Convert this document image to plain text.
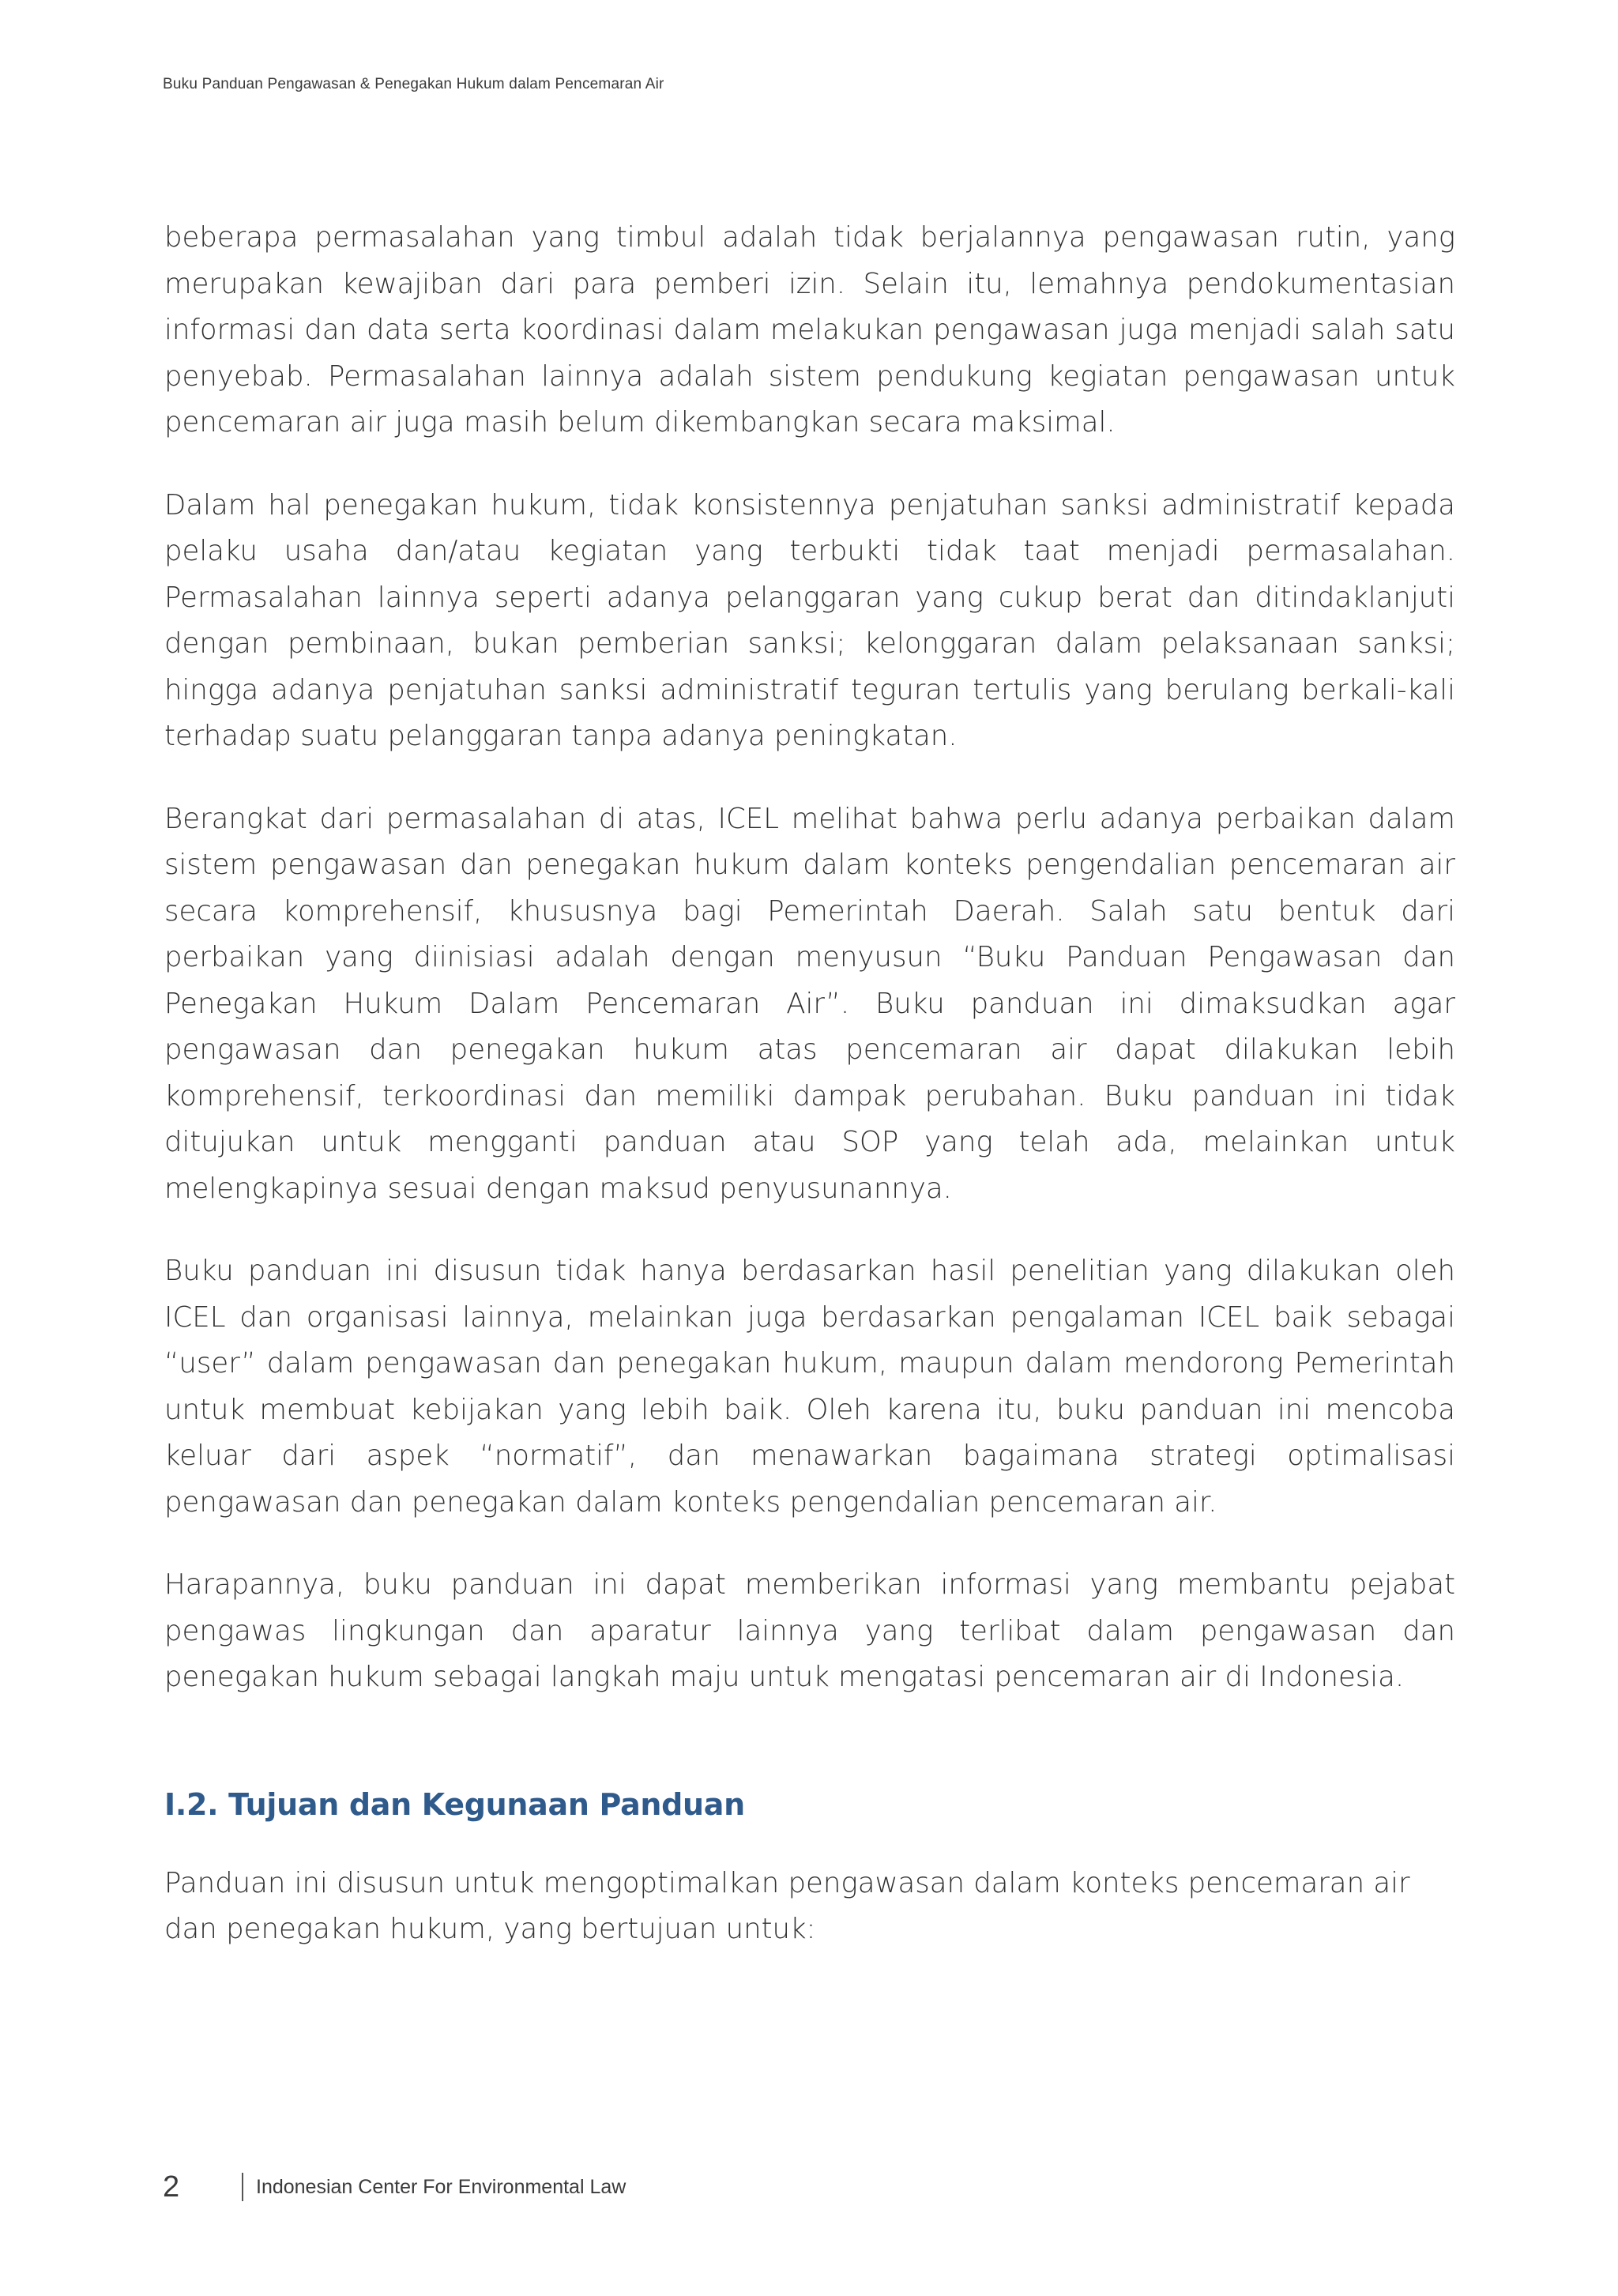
Buku Panduan Pengawasan & Penegakan Hukum dalam Pencemaran Air

beberapa permasalahan yang timbul adalah tidak berjalannya pengawasan rutin, yang merupakan kewajiban dari para pemberi izin. Selain itu, lemahnya pendokumentasian informasi dan data serta koordinasi dalam melakukan pengawasan juga menjadi salah satu penyebab. Permasalahan lainnya adalah sistem pendukung kegiatan pengawasan untuk pencemaran air juga masih belum dikembangkan secara maksimal.

Dalam hal penegakan hukum, tidak konsistennya penjatuhan sanksi administratif kepada pelaku usaha dan/atau kegiatan yang terbukti tidak taat menjadi permasalahan. Permasalahan lainnya seperti adanya pelanggaran yang cukup berat dan ditindaklanjuti dengan pembinaan, bukan pemberian sanksi; kelonggaran dalam pelaksanaan sanksi; hingga adanya penjatuhan sanksi administratif teguran tertulis yang berulang berkali-kali terhadap suatu pelanggaran tanpa adanya peningkatan.

Berangkat dari permasalahan di atas, ICEL melihat bahwa perlu adanya perbaikan dalam sistem pengawasan dan penegakan hukum dalam konteks pengendalian pencemaran air secara komprehensif, khususnya bagi Pemerintah Daerah. Salah satu bentuk dari perbaikan yang diinisiasi adalah dengan menyusun “Buku Panduan Pengawasan dan Penegakan Hukum Dalam Pencemaran Air”. Buku panduan ini dimaksudkan agar pengawasan dan penegakan hukum atas pencemaran air dapat dilakukan lebih komprehensif, terkoordinasi dan memiliki dampak perubahan. Buku panduan ini tidak ditujukan untuk mengganti panduan atau SOP yang telah ada, melainkan untuk melengkapinya sesuai dengan maksud penyusunannya.

Buku panduan ini disusun tidak hanya berdasarkan hasil penelitian yang dilakukan oleh ICEL dan organisasi lainnya, melainkan juga berdasarkan pengalaman ICEL baik sebagai “user” dalam pengawasan dan penegakan hukum, maupun dalam mendorong Pemerintah untuk membuat kebijakan yang lebih baik. Oleh karena itu, buku panduan ini mencoba keluar dari aspek “normatif”, dan menawarkan bagaimana strategi optimalisasi pengawasan dan penegakan dalam konteks pengendalian pencemaran air.

Harapannya, buku panduan ini dapat memberikan informasi yang membantu pejabat pengawas lingkungan dan aparatur lainnya yang terlibat dalam pengawasan dan penegakan hukum sebagai langkah maju untuk mengatasi pencemaran air di Indonesia.

I.2. Tujuan dan Kegunaan Panduan

Panduan ini disusun untuk mengoptimalkan pengawasan dalam konteks pencemaran air dan penegakan hukum, yang bertujuan untuk:

2	Indonesian Center For Environmental Law
